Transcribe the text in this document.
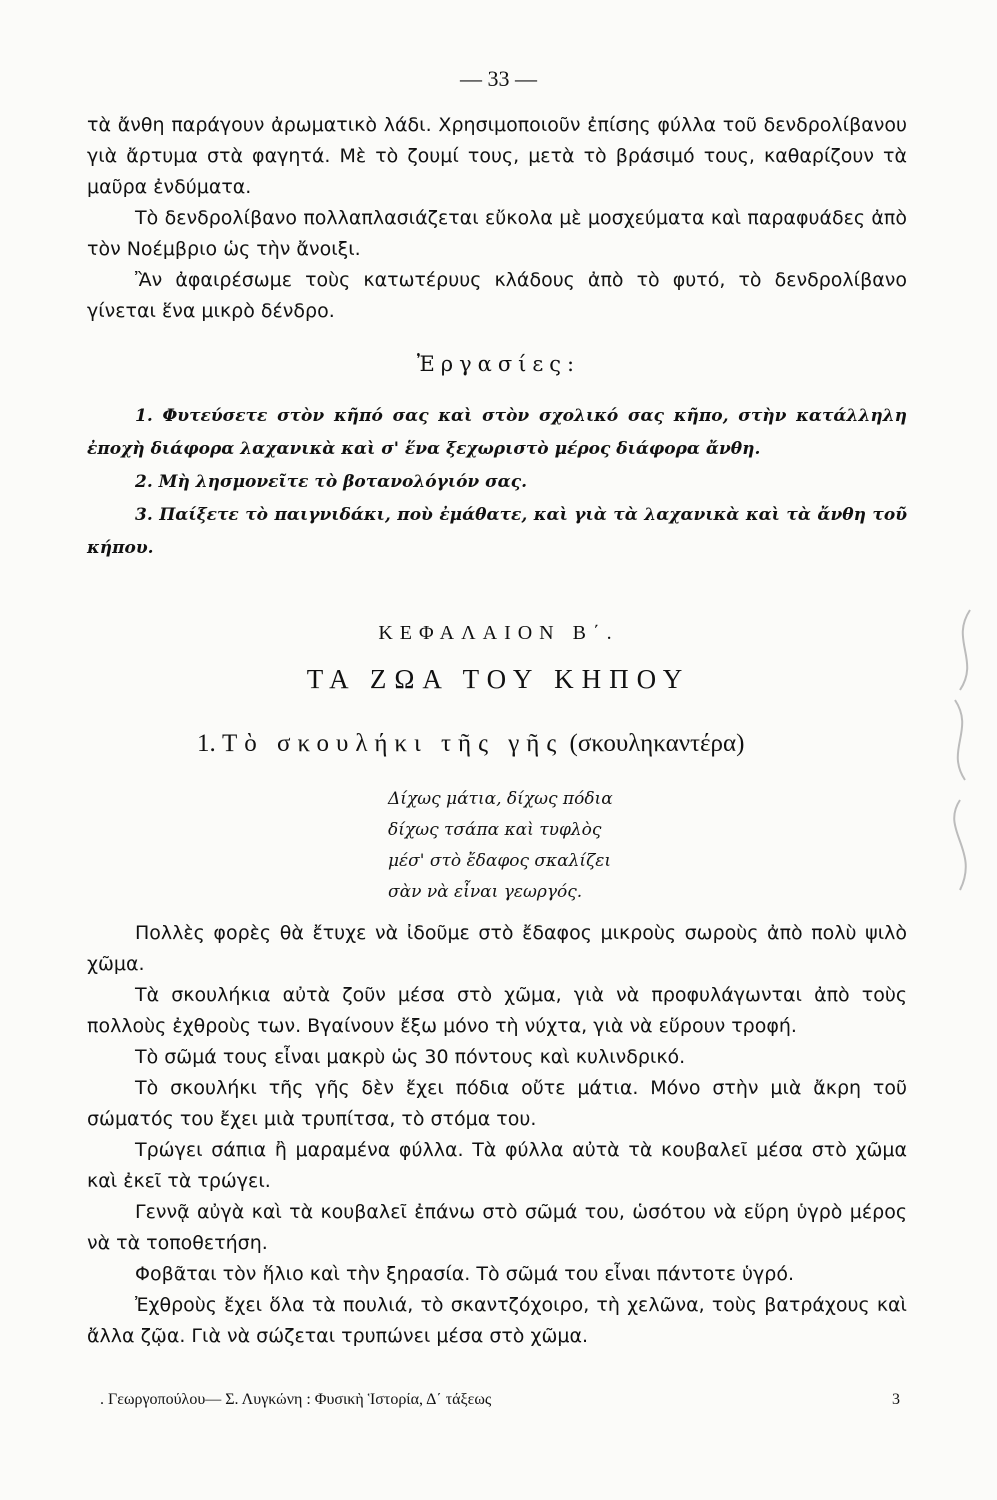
— 33 —

τὰ ἄνθη παράγουν ἀρωματικὸ λάδι. Χρησιμοποιοῦν ἐπίσης φύλλα τοῦ δενδρολίβανου γιὰ ἄρτυμα στὰ φαγητά. Μὲ τὸ ζουμί τους, μετὰ τὸ βράσιμό τους, καθαρίζουν τὰ μαῦρα ἐνδύματα.

Τὸ δενδρολίβανο πολλαπλασιάζεται εὔκολα μὲ μοσχεύματα καὶ παραφυάδες ἀπὸ τὸν Νοέμβριο ὡς τὴν ἄνοιξι.

Ἂν ἀφαιρέσωμε τοὺς κατωτέρυυς κλάδους ἀπὸ τὸ φυτό, τὸ δενδρολίβανο γίνεται ἕνα μικρὸ δένδρο.

Ἐργασίες:

1. Φυτεύσετε στὸν κῆπό σας καὶ στὸν σχολικό σας κῆπο, στὴν κατάλληλη ἐποχὴ διάφορα λαχανικὰ καὶ σ' ἕνα ξεχωριστὸ μέρος διάφορα ἄνθη.

2. Μὴ λησμονεῖτε τὸ βοτανολόγιόν σας.

3. Παίξετε τὸ παιγνιδάκι, ποὺ ἐμάθατε, καὶ γιὰ τὰ λαχανικὰ καὶ τὰ ἄνθη τοῦ κήπου.

ΚΕΦΑΛΑΙΟΝ Β΄.
ΤΑ ΖΩΑ ΤΟΥ ΚΗΠΟΥ
1. Τὸ σκουλήκι τῆς γῆς (σκουληκαντέρα)
Δίχως μάτια, δίχως πόδια
δίχως τσάπα καὶ τυφλὸς
μέσ' στὸ ἔδαφος σκαλίζει
σὰν νὰ εἶναι γεωργός.

Πολλὲς φορὲς θὰ ἔτυχε νὰ ἰδοῦμε στὸ ἔδαφος μικροὺς σωροὺς ἀπὸ πολὺ ψιλὸ χῶμα.

Τὰ σκουλήκια αὐτὰ ζοῦν μέσα στὸ χῶμα, γιὰ νὰ προφυλάγωνται ἀπὸ τοὺς πολλοὺς ἐχθροὺς των. Βγαίνουν ἔξω μόνο τὴ νύχτα, γιὰ νὰ εὕρουν τροφή.

Τὸ σῶμά τους εἶναι μακρὺ ὡς 30 πόντους καὶ κυλινδρικό.

Τὸ σκουλήκι τῆς γῆς δὲν ἔχει πόδια οὔτε μάτια. Μόνο στὴν μιὰ ἄκρη τοῦ σώματός του ἔχει μιὰ τρυπίτσα, τὸ στόμα του.

Τρώγει σάπια ἢ μαραμένα φύλλα. Τὰ φύλλα αὐτὰ τὰ κουβαλεῖ μέσα στὸ χῶμα καὶ ἐκεῖ τὰ τρώγει.

Γεννᾷ αὐγὰ καὶ τὰ κουβαλεῖ ἐπάνω στὸ σῶμά του, ὡσότου νὰ εὕρη ὑγρὸ μέρος νὰ τὰ τοποθετήση.

Φοβᾶται τὸν ἥλιο καὶ τὴν ξηρασία. Τὸ σῶμά του εἶναι πάντοτε ὑγρό.

Ἐχθροὺς ἔχει ὅλα τὰ πουλιά, τὸ σκαντζόχοιρο, τὴ χελῶνα, τοὺς βατράχους καὶ ἄλλα ζῷα. Γιὰ νὰ σώζεται τρυπώνει μέσα στὸ χῶμα.

. Γεωργοπούλου— Σ. Λυγκώνη : Φυσικὴ Ἱστορία, Δ΄ τάξεως	3
